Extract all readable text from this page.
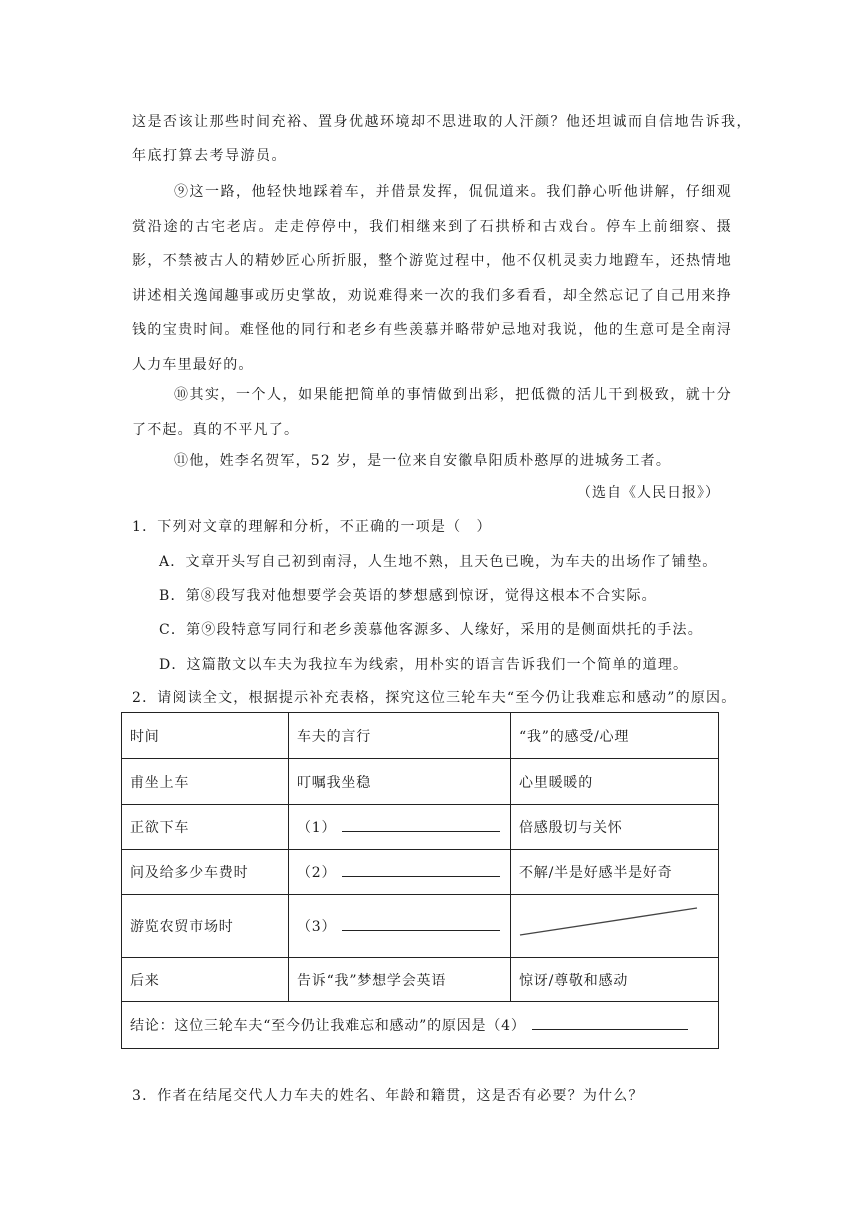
这是否该让那些时间充裕、置身优越环境却不思进取的人汗颜？他还坦诚而自信地告诉我，
年底打算去考导游员。
⑨这一路，他轻快地踩着车，并借景发挥，侃侃道来。我们静心听他讲解，仔细观赏沿途的古宅老店。走走停停中，我们相继来到了石拱桥和古戏台。停车上前细察、摄影，不禁被古人的精妙匠心所折服，整个游览过程中，他不仅机灵卖力地蹬车，还热情地讲述相关逸闻趣事或历史掌故，劝说难得来一次的我们多看看，却全然忘记了自己用来挣钱的宝贵时间。难怪他的同行和老乡有些羡慕并略带妒忌地对我说，他的生意可是全南浔人力车里最好的。
⑩其实，一个人，如果能把简单的事情做到出彩，把低微的活儿干到极致，就十分了不起。真的不平凡了。
⑪他，姓李名贺军，52 岁，是一位来自安徽阜阳质朴憨厚的进城务工者。
（选自《人民日报》）
1．下列对文章的理解和分析，不正确的一项是（　）
A．文章开头写自己初到南浔，人生地不熟，且天色已晚，为车夫的出场作了铺垫。
B．第⑧段写我对他想要学会英语的梦想感到惊讶，觉得这根本不合实际。
C．第⑨段特意写同行和老乡羡慕他客源多、人缘好，采用的是侧面烘托的手法。
D．这篇散文以车夫为我拉车为线索，用朴实的语言告诉我们一个简单的道理。
2．请阅读全文，根据提示补充表格，探究这位三轮车夫“至今仍让我难忘和感动”的原因。
时间	车夫的言行	“我”的感受/心理
甫坐上车	叮嘱我坐稳	心里暖暖的
正欲下车	（1）	倍感殷切与关怀
问及给多少车费时	（2）	不解/半是好感半是好奇
游览农贸市场时	（3）	
后来	告诉“我”梦想学会英语	惊讶/尊敬和感动
结论：这位三轮车夫“至今仍让我难忘和感动”的原因是（4）		
3．作者在结尾交代人力车夫的姓名、年龄和籍贯，这是否有必要？为什么？
